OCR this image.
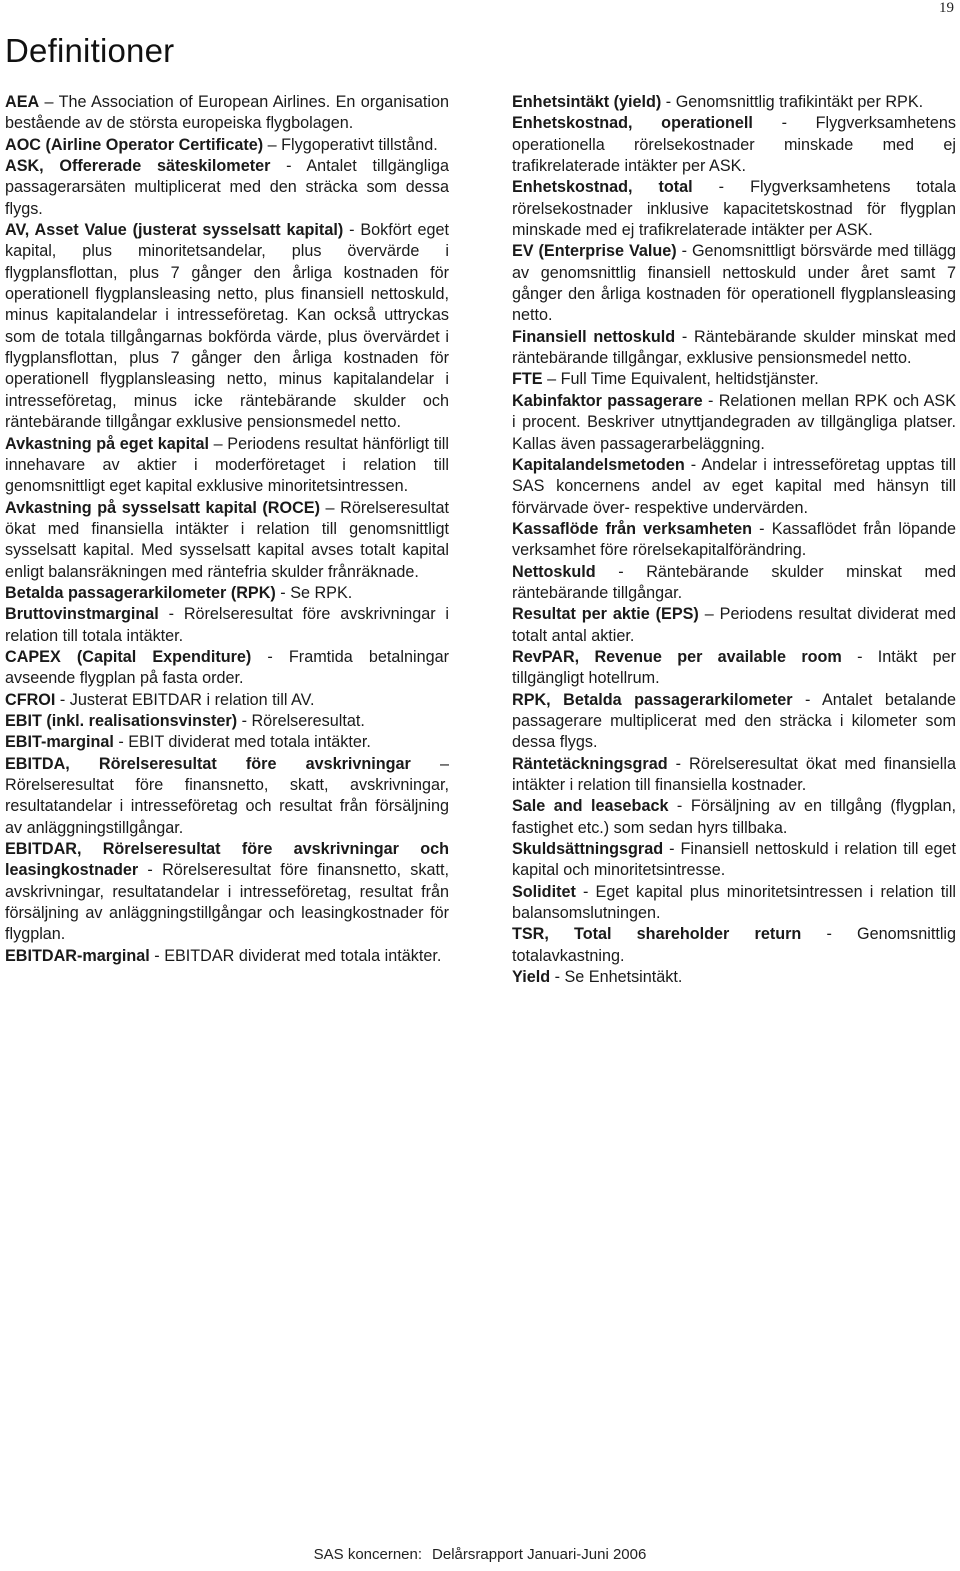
19
Definitioner

AEA – The Association of European Airlines. En organisation bestående av de största europeiska flygbolagen.

AOC (Airline Operator Certificate) – Flygoperativt tillstånd.

ASK, Offererade säteskilometer - Antalet tillgängliga passagerarsäten multiplicerat med den sträcka som dessa flygs.

AV, Asset Value (justerat sysselsatt kapital) - Bokfört eget kapital, plus minoritetsandelar, plus övervärde i flygplansflottan, plus 7 gånger den årliga kostnaden för operationell flygplansleasing netto, plus finansiell nettoskuld, minus kapitalandelar i intresseföretag. Kan också uttryckas som de totala tillgångarnas bokförda värde, plus övervärdet i flygplansflottan, plus 7 gånger den årliga kostnaden för operationell flygplansleasing netto, minus kapitalandelar i intresseföretag, minus icke räntebärande skulder och räntebärande tillgångar exklusive pensionsmedel netto.

Avkastning på eget kapital – Periodens resultat hänförligt till innehavare av aktier i moderföretaget i relation till genomsnittligt eget kapital exklusive minoritetsintressen.

Avkastning på sysselsatt kapital (ROCE) – Rörelseresultat ökat med finansiella intäkter i relation till genomsnittligt sysselsatt kapital. Med sysselsatt kapital avses totalt kapital enligt balansräkningen med räntefria skulder frånräknade.

Betalda passagerarkilometer (RPK) - Se RPK.

Bruttovinstmarginal - Rörelseresultat före avskrivningar i relation till totala intäkter.

CAPEX (Capital Expenditure) - Framtida betalningar avseende flygplan på fasta order.

CFROI - Justerat EBITDAR i relation till AV.

EBIT (inkl. realisationsvinster) - Rörelseresultat.

EBIT-marginal - EBIT dividerat med totala intäkter.

EBITDA, Rörelseresultat före avskrivningar – Rörelseresultat före finansnetto, skatt, avskrivningar, resultatandelar i intresseföretag och resultat från försäljning av anläggningstillgångar.

EBITDAR, Rörelseresultat före avskrivningar och leasingkostnader - Rörelseresultat före finansnetto, skatt, avskrivningar, resultatandelar i intresseföretag, resultat från försäljning av anläggningstillgångar och leasingkostnader för flygplan.

EBITDAR-marginal - EBITDAR dividerat med totala intäkter.

Enhetsintäkt (yield) - Genomsnittlig trafikintäkt per RPK.

Enhetskostnad, operationell - Flygverksamhetens operationella rörelsekostnader minskade med ej trafikrelaterade intäkter per ASK.

Enhetskostnad, total - Flygverksamhetens totala rörelsekostnader inklusive kapacitetskostnad för flygplan minskade med ej trafikrelaterade intäkter per ASK.

EV (Enterprise Value) - Genomsnittligt börsvärde med tillägg av genomsnittlig finansiell nettoskuld under året samt 7 gånger den årliga kostnaden för operationell flygplansleasing netto.

Finansiell nettoskuld - Räntebärande skulder minskat med räntebärande tillgångar, exklusive pensionsmedel netto.

FTE – Full Time Equivalent, heltidstjänster.

Kabinfaktor passagerare - Relationen mellan RPK och ASK i procent. Beskriver utnyttjandegraden av tillgängliga platser. Kallas även passagerarbeläggning.

Kapitalandelsmetoden - Andelar i intresseföretag upptas till SAS koncernens andel av eget kapital med hänsyn till förvärvade över- respektive undervärden.

Kassaflöde från verksamheten - Kassaflödet från löpande verksamhet före rörelsekapitalförändring.

Nettoskuld - Räntebärande skulder minskat med räntebärande tillgångar.

Resultat per aktie (EPS) – Periodens resultat dividerat med totalt antal aktier.

RevPAR, Revenue per available room - Intäkt per tillgängligt hotellrum.

RPK, Betalda passagerarkilometer - Antalet betalande passagerare multiplicerat med den sträcka i kilometer som dessa flygs.

Räntetäckningsgrad - Rörelseresultat ökat med finansiella intäkter i relation till finansiella kostnader.

Sale and leaseback - Försäljning av en tillgång (flygplan, fastighet etc.) som sedan hyrs tillbaka.

Skuldsättningsgrad - Finansiell nettoskuld i relation till eget kapital och minoritetsintresse.

Soliditet - Eget kapital plus minoritetsintressen i relation till balansomslutningen.

TSR, Total shareholder return - Genomsnittlig totalavkastning.

Yield - Se Enhetsintäkt.

SAS koncernen: Delårsrapport Januari-Juni 2006
